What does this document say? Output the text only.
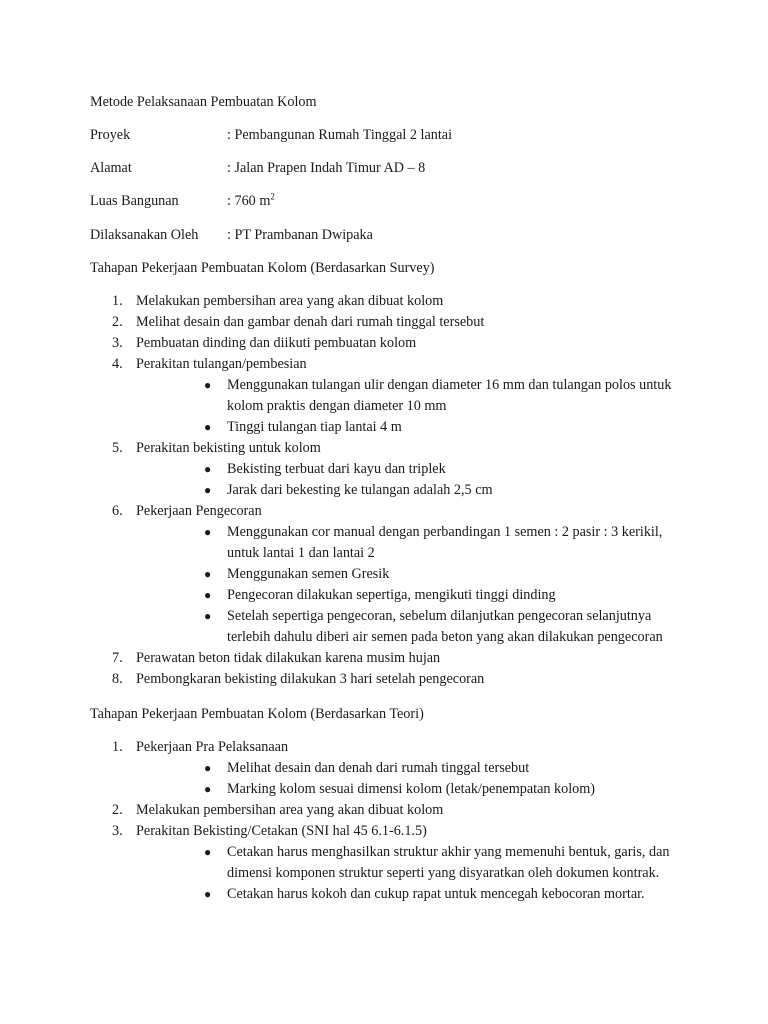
Metode Pelaksanaan Pembuatan Kolom
Proyek	: Pembangunan Rumah Tinggal 2 lantai
Alamat	: Jalan Prapen Indah Timur AD – 8
Luas Bangunan	: 760 $m^2$
Dilaksanakan Oleh : PT Prambanan Dwipaka
Tahapan Pekerjaan Pembuatan Kolom (Berdasarkan Survey)
1. Melakukan pembersihan area yang akan dibuat kolom
2. Melihat desain dan gambar denah dari rumah tinggal tersebut
3. Pembuatan dinding dan diikuti pembuatan kolom
4. Perakitan tulangan/pembesian
● Menggunakan tulangan ulir dengan diameter 16 mm dan tulangan polos untuk
kolom praktis dengan diameter 10 mm
● Tinggi tulangan tiap lantai 4 m
5. Perakitan bekisting untuk kolom
● Bekisting terbuat dari kayu dan triplek
● Jarak dari bekesting ke tulangan adalah 2,5 cm
6. Pekerjaan Pengecoran
● Menggunakan cor manual dengan perbandingan 1 semen : 2 pasir : 3 kerikil,
untuk lantai 1 dan lantai 2
● Menggunakan semen Gresik
● Pengecoran dilakukan sepertiga, mengikuti tinggi dinding
● Setelah sepertiga pengecoran, sebelum dilanjutkan pengecoran selanjutnya
terlebih dahulu diberi air semen pada beton yang akan dilakukan pengecoran
7. Perawatan beton tidak dilakukan karena musim hujan
8. Pembongkaran bekisting dilakukan 3 hari setelah pengecoran
Tahapan Pekerjaan Pembuatan Kolom (Berdasarkan Teori)
1. Pekerjaan Pra Pelaksanaan
● Melihat desain dan denah dari rumah tinggal tersebut
● Marking kolom sesuai dimensi kolom (letak/penempatan kolom)
2. Melakukan pembersihan area yang akan dibuat kolom
3. Perakitan Bekisting/Cetakan (SNI hal 45 6.1-6.1.5)
● Cetakan harus menghasilkan struktur akhir yang memenuhi bentuk, garis, dan
dimensi komponen struktur seperti yang disyaratkan oleh dokumen kontrak.
● Cetakan harus kokoh dan cukup rapat untuk mencegah kebocoran mortar.
